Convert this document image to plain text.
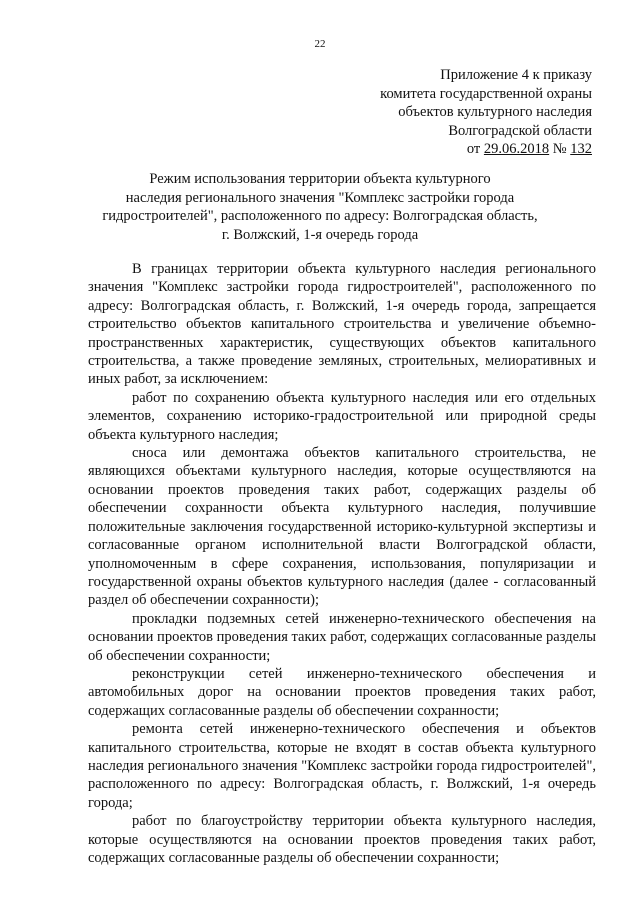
22
Приложение 4 к приказу
комитета государственной охраны
объектов культурного наследия
Волгоградской области
от 29.06.2018 № 132
Режим использования территории объекта культурного
наследия регионального значения "Комплекс застройки города
гидростроителей", расположенного по адресу: Волгоградская область,
г. Волжский, 1-я очередь города

В границах территории объекта культурного наследия регионального значения "Комплекс застройки города гидростроителей", расположенного по адресу: Волгоградская область, г. Волжский, 1-я очередь города, запрещается строительство объектов капитального строительства и увеличение объемно-пространственных характеристик, существующих объектов капитального строительства, а также проведение земляных, строительных, мелиоративных и иных работ, за исключением:

работ по сохранению объекта культурного наследия или его отдельных элементов, сохранению историко-градостроительной или природной среды объекта культурного наследия;

сноса или демонтажа объектов капитального строительства, не являющихся объектами культурного наследия, которые осуществляются на основании проектов проведения таких работ, содержащих разделы об обеспечении сохранности объекта культурного наследия, получившие положительные заключения государственной историко-культурной экспертизы и согласованные органом исполнительной власти Волгоградской области, уполномоченным в сфере сохранения, использования, популяризации и государственной охраны объектов культурного наследия (далее - согласованный раздел об обеспечении сохранности);

прокладки подземных сетей инженерно-технического обеспечения на основании проектов проведения таких работ, содержащих согласованные разделы об обеспечении сохранности;

реконструкции сетей инженерно-технического обеспечения и автомобильных дорог на основании проектов проведения таких работ, содержащих согласованные разделы об обеспечении сохранности;

ремонта сетей инженерно-технического обеспечения и объектов капитального строительства, которые не входят в состав объекта культурного наследия регионального значения "Комплекс застройки города гидростроителей", расположенного по адресу: Волгоградская область, г. Волжский, 1-я очередь города;

работ по благоустройству территории объекта культурного наследия, которые осуществляются на основании проектов проведения таких работ, содержащих согласованные разделы об обеспечении сохранности;
